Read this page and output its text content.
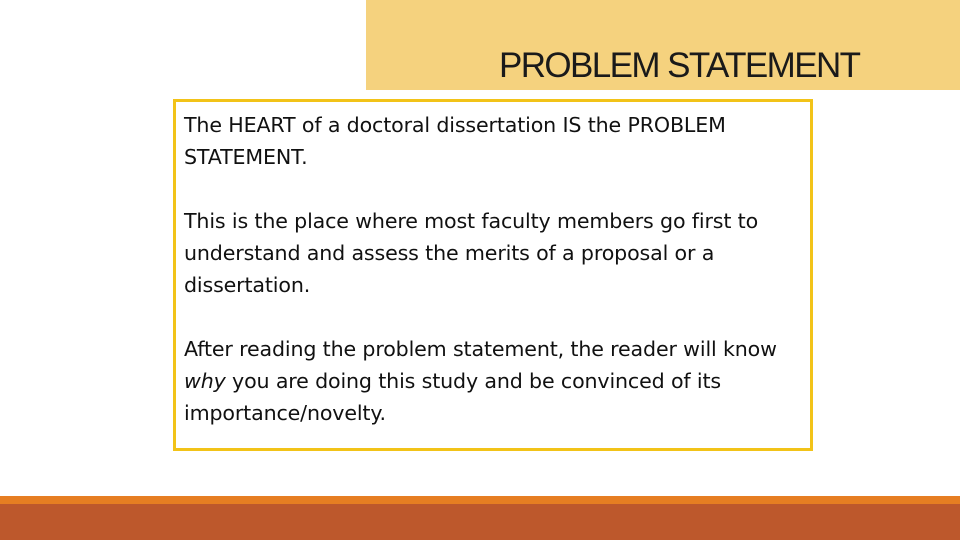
PROBLEM STATEMENT

The HEART of a doctoral dissertation IS the PROBLEM STATEMENT.

This is the place where most faculty members go first to understand and assess the merits of a proposal or a dissertation.

After reading the problem statement, the reader will know why you are doing this study and be convinced of its importance/novelty.
